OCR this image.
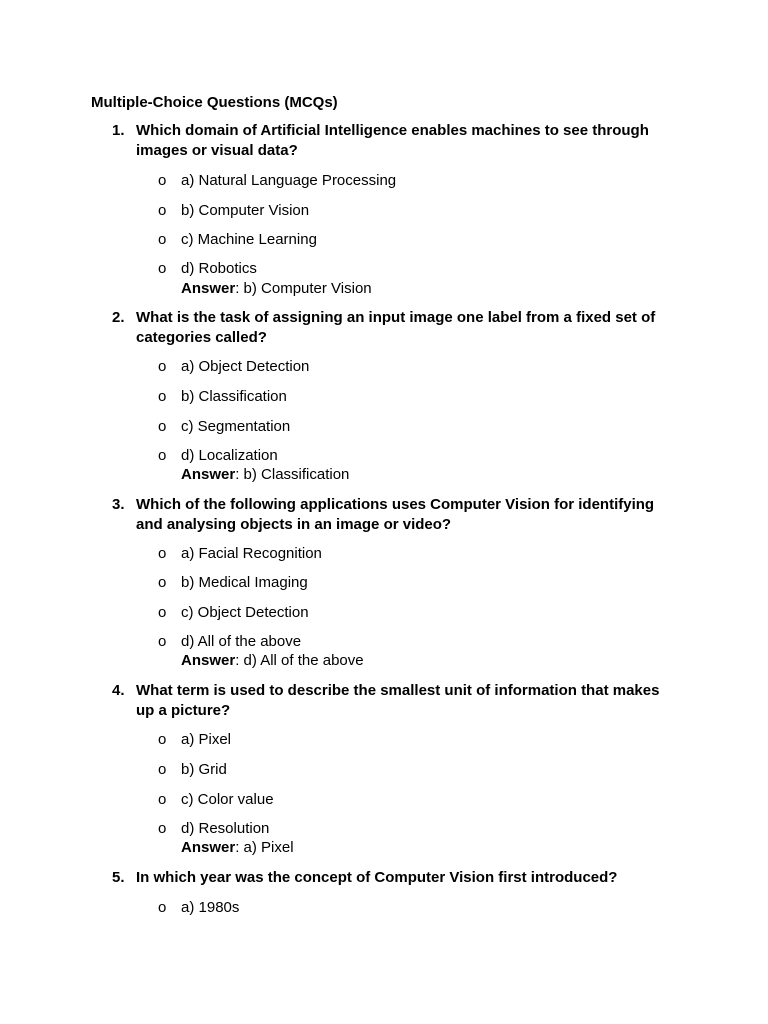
Multiple-Choice Questions (MCQs)
1. Which domain of Artificial Intelligence enables machines to see through images or visual data?
o a) Natural Language Processing
o b) Computer Vision
o c) Machine Learning
o d) Robotics
Answer: b) Computer Vision
2. What is the task of assigning an input image one label from a fixed set of categories called?
o a) Object Detection
o b) Classification
o c) Segmentation
o d) Localization
Answer: b) Classification
3. Which of the following applications uses Computer Vision for identifying and analysing objects in an image or video?
o a) Facial Recognition
o b) Medical Imaging
o c) Object Detection
o d) All of the above
Answer: d) All of the above
4. What term is used to describe the smallest unit of information that makes up a picture?
o a) Pixel
o b) Grid
o c) Color value
o d) Resolution
Answer: a) Pixel
5. In which year was the concept of Computer Vision first introduced?
o a) 1980s
